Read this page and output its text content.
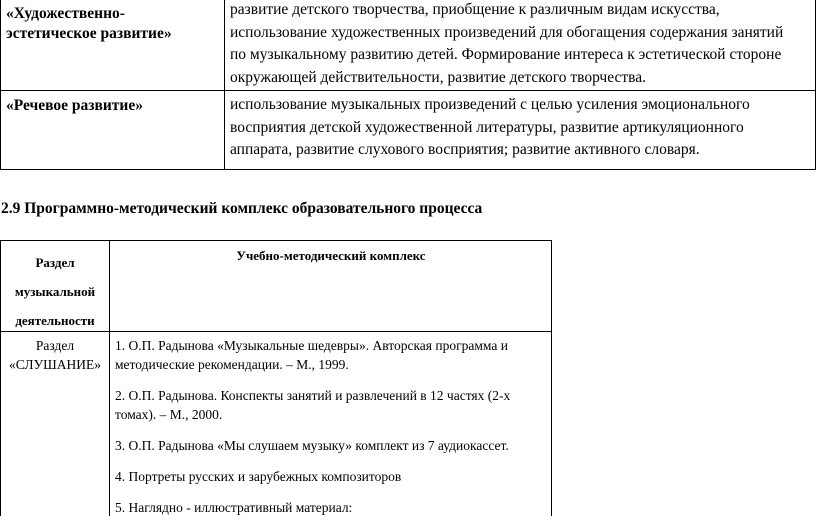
«Художественно-
эстетическое развитие»
развитие детского творчества, приобщение к различным видам искусства,
использование художественных произведений для обогащения содержания занятий
по музыкальному развитию детей. Формирование интереса к эстетической стороне
окружающей действительности, развитие детского творчества.
«Речевое развитие»	использование музыкальных произведений с целью усиления эмоционального
восприятия детской художественной литературы, развитие артикуляционного
аппарата, развитие слухового восприятия; развитие активного словаря.
2.9 Программно-методический комплекс образовательного процесса
Раздел
музыкальной
деятельности
Учебно-методический комплекс
Раздел
«СЛУШАНИЕ»

1. О.П. Радынова «Музыкальные шедевры». Авторская программа и
методические рекомендации. – М., 1999.

2. О.П. Радынова. Конспекты занятий и развлечений в 12 частях (2-х
томах). – М., 2000.

3. О.П. Радынова «Мы слушаем музыку» комплект из 7 аудиокассет.

4. Портреты русских и зарубежных композиторов

5. Наглядно - иллюстративный материал:
